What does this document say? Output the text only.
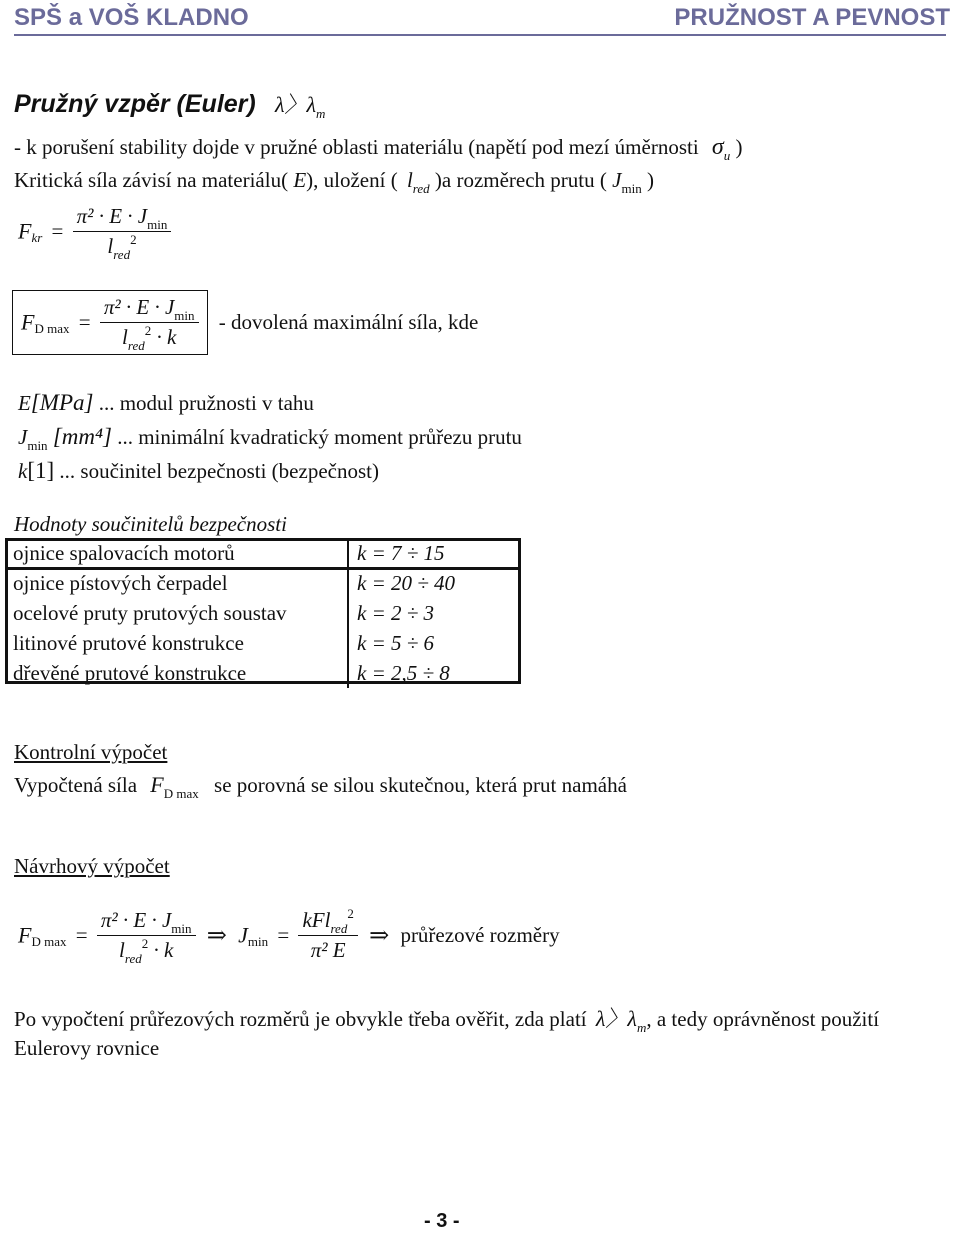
SPŠ a VOŠ KLADNO	PRUŽNOST A PEVNOST
Pružný vzpěr (Euler) λ〉$\lambda_m$
- k porušení stability dojde v pružné oblasti materiálu (napětí pod mezí úměrnosti $\sigma_u$ )
Kritická síla závisí na materiálu( E), uložení ( $l_{red}$ )a rozměrech prutu ( $J_{min}$ )
$F_{kr} = \frac{\pi^2 \cdot E \cdot J_{min}}{l_{red}^2}$
$F_{D max} = \frac{\pi^2 \cdot E \cdot J_{min}}{l_{red}^2 \cdot k}$ - dovolená maximální síla, kde
E[MPa] ... modul pružnosti v tahu
$J_{min}$ [mm⁴] ... minimální kvadratický moment průřezu prutu
k[1] ... součinitel bezpečnosti (bezpečnost)
Hodnoty součinitelů bezpečnosti
ojnice spalovacích motorů	k = 7 ÷ 15
ojnice pístových čerpadel	k = 20 ÷ 40
ocelové pruty prutových soustav	k = 2 ÷ 3
litinové prutové konstrukce	k = 5 ÷ 6
dřevěné prutové konstrukce	k = 2,5 ÷ 8
Kontrolní výpočet
Vypočtená síla $F_{D max}$ se porovná se silou skutečnou, která prut namáhá
Návrhový výpočet
$F_{D max} = \frac{\pi^2 \cdot E \cdot J_{min}}{l_{red}^2 \cdot k}$ ⇒ $J_{min} = \frac{kFl_{red}^2}{\text{π² E}}$ ⇒ průřezové rozměry
Po vypočtení průřezových rozměrů je obvykle třeba ověřit, zda platí λ〉$\lambda_m$, a tedy oprávněnost použití
Eulerovy rovnice
- 3 -
